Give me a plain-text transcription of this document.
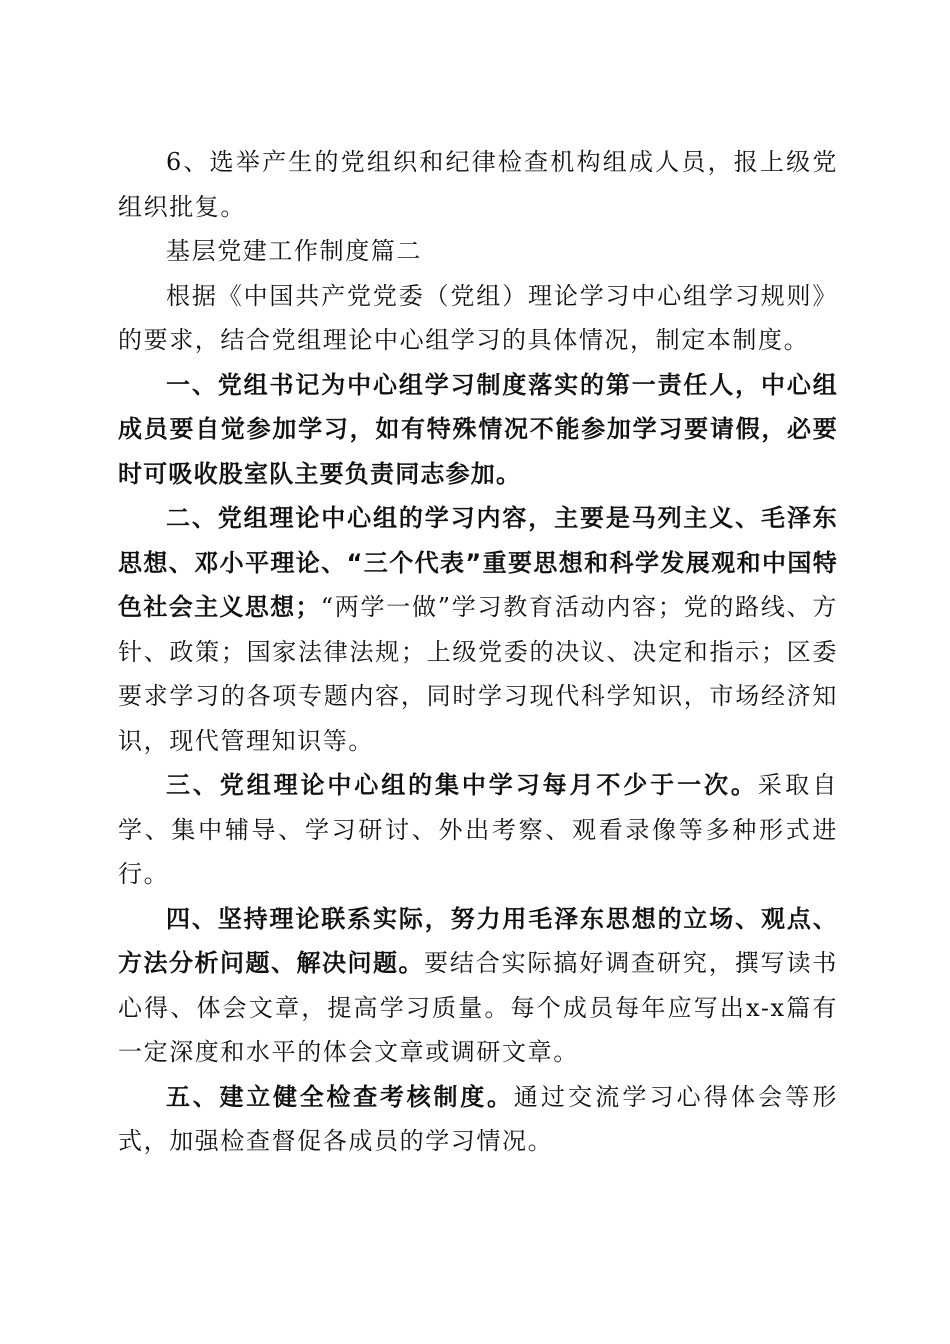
6、选举产生的党组织和纪律检查机构组成人员，报上级党组织批复。

基层党建工作制度篇二

根据《中国共产党党委（党组）理论学习中心组学习规则》的要求，结合党组理论中心组学习的具体情况，制定本制度。

一、党组书记为中心组学习制度落实的第一责任人，中心组成员要自觉参加学习，如有特殊情况不能参加学习要请假，必要时可吸收股室队主要负责同志参加。

二、党组理论中心组的学习内容，主要是马列主义、毛泽东思想、邓小平理论、“三个代表”重要思想和科学发展观和中国特色社会主义思想；“两学一做”学习教育活动内容；党的路线、方针、政策；国家法律法规；上级党委的决议、决定和指示；区委要求学习的各项专题内容，同时学习现代科学知识，市场经济知识，现代管理知识等。

三、党组理论中心组的集中学习每月不少于一次。采取自学、集中辅导、学习研讨、外出考察、观看录像等多种形式进行。

四、坚持理论联系实际，努力用毛泽东思想的立场、观点、方法分析问题、解决问题。要结合实际搞好调查研究，撰写读书心得、体会文章，提高学习质量。每个成员每年应写出x-x篇有一定深度和水平的体会文章或调研文章。

五、建立健全检查考核制度。通过交流学习心得体会等形式，加强检查督促各成员的学习情况。
